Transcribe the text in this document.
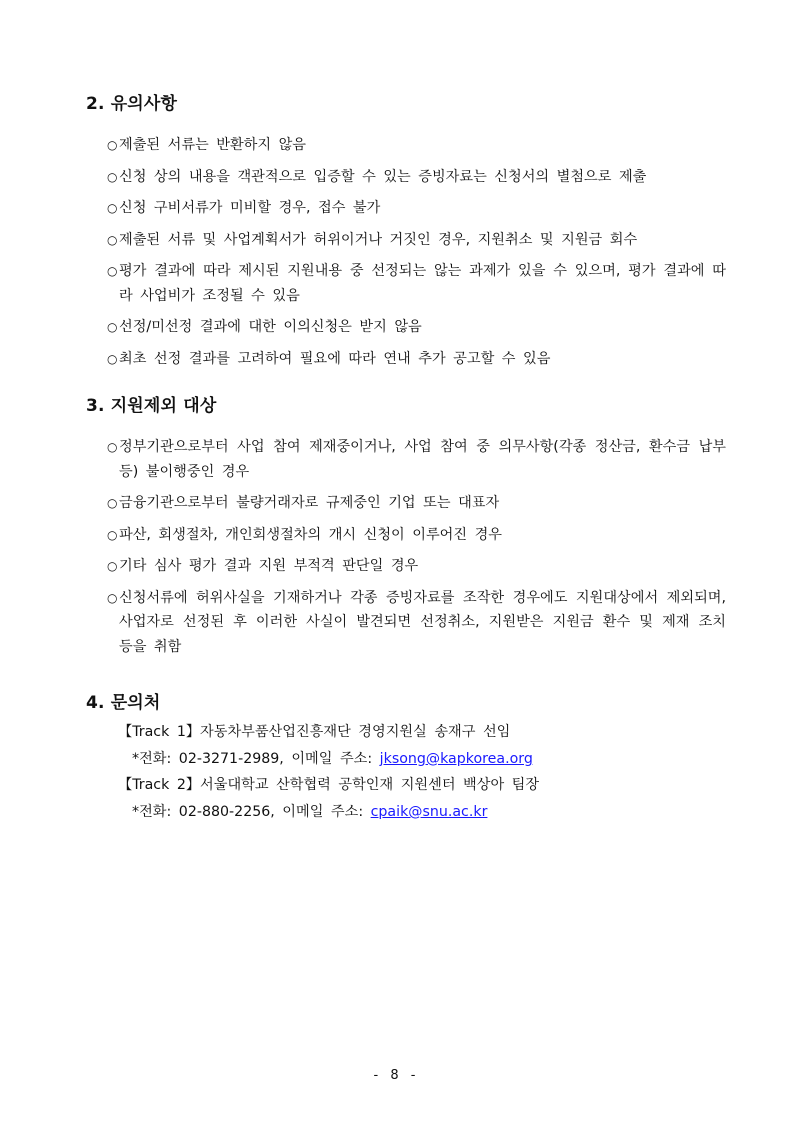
2. 유의사항
○ 제출된 서류는 반환하지 않음
○ 신청 상의 내용을 객관적으로 입증할 수 있는 증빙자료는 신청서의 별첨으로 제출
○ 신청 구비서류가 미비할 경우, 접수 불가
○ 제출된 서류 및 사업계획서가 허위이거나 거짓인 경우, 지원취소 및 지원금 회수
○ 평가 결과에 따라 제시된 지원내용 중 선정되는 않는 과제가 있을 수 있으며, 평가 결과에 따라 사업비가 조정될 수 있음
○ 선정/미선정 결과에 대한 이의신청은 받지 않음
○ 최초 선정 결과를 고려하여 필요에 따라 연내 추가 공고할 수 있음
3. 지원제외 대상
○ 정부기관으로부터 사업 참여 제재중이거나, 사업 참여 중 의무사항(각종 정산금, 환수금 납부 등) 불이행중인 경우
○ 금융기관으로부터 불량거래자로 규제중인 기업 또는 대표자
○ 파산, 회생절차, 개인회생절차의 개시 신청이 이루어진 경우
○ 기타 심사 평가 결과 지원 부적격 판단일 경우
○ 신청서류에 허위사실을 기재하거나 각종 증빙자료를 조작한 경우에도 지원대상에서 제외되며, 사업자로 선정된 후 이러한 사실이 발견되면 선정취소, 지원받은 지원금 환수 및 제재 조치 등을 취함
4. 문의처
【Track 1】자동차부품산업진흥재단 경영지원실 송재구 선임
*전화: 02-3271-2989, 이메일 주소: jksong@kapkorea.org
【Track 2】서울대학교 산학협력 공학인재 지원센터 백상아 팀장
*전화: 02-880-2256, 이메일 주소: cpaik@snu.ac.kr
- 8 -
